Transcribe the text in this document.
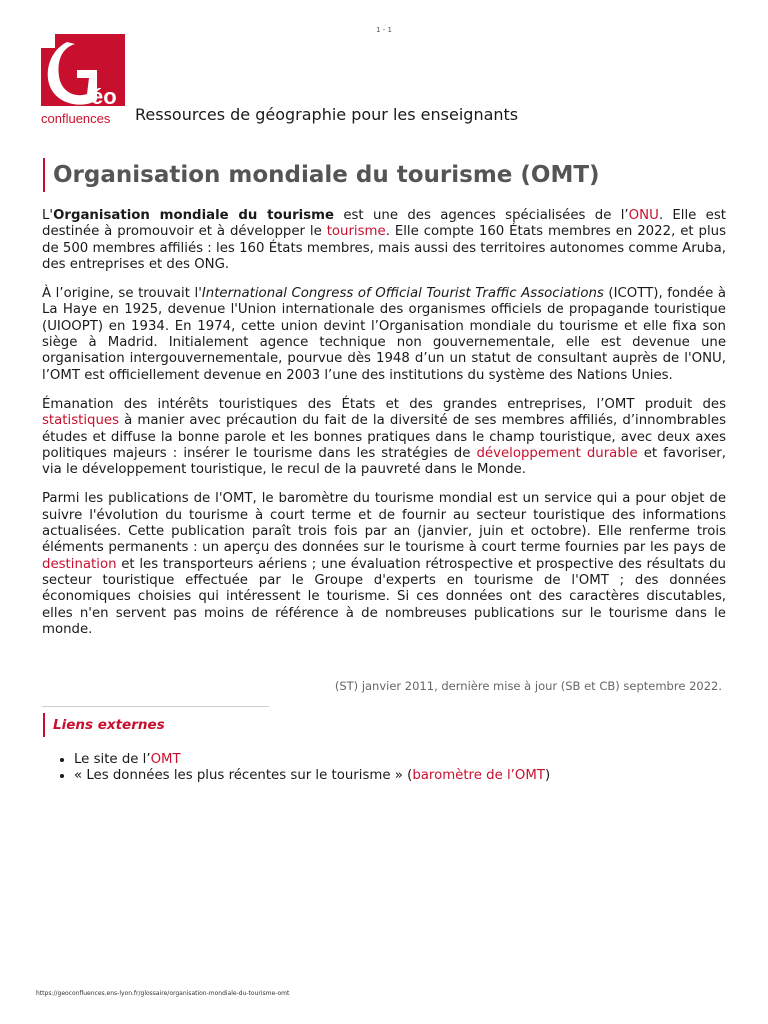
1 - 1
éo
confluences Ressources de géographie pour les enseignants
Organisation mondiale du tourisme (OMT)

L'Organisation mondiale du tourisme est une des agences spécialisées de l’ONU. Elle est destinée à promouvoir et à développer le tourisme. Elle compte 160 États membres en 2022, et plus de 500 membres affiliés : les 160 États membres, mais aussi des territoires autonomes comme Aruba, des entreprises et des ONG.

À l’origine, se trouvait l'International Congress of Official Tourist Traffic Associations (ICOTT), fondée à La Haye en 1925, devenue l'Union internationale des organismes officiels de propagande touristique (UIOOPT) en 1934. En 1974, cette union devint l’Organisation mondiale du tourisme et elle fixa son siège à Madrid. Initialement agence technique non gouvernementale, elle est devenue une organisation intergouvernementale, pourvue dès 1948 d’un un statut de consultant auprès de l'ONU, l’OMT est officiellement devenue en 2003 l’une des institutions du système des Nations Unies.

Émanation des intérêts touristiques des États et des grandes entreprises, l’OMT produit des statistiques à manier avec précaution du fait de la diversité de ses membres affiliés, d’innombrables études et diffuse la bonne parole et les bonnes pratiques dans le champ touristique, avec deux axes politiques majeurs : insérer le tourisme dans les stratégies de développement durable et favoriser, via le développement touristique, le recul de la pauvreté dans le Monde.

Parmi les publications de l'OMT, le baromètre du tourisme mondial est un service qui a pour objet de suivre l'évolution du tourisme à court terme et de fournir au secteur touristique des informations actualisées. Cette publication paraît trois fois par an (janvier, juin et octobre). Elle renferme trois éléments permanents : un aperçu des données sur le tourisme à court terme fournies par les pays de destination et les transporteurs aériens ; une évaluation rétrospective et prospective des résultats du secteur touristique effectuée par le Groupe d'experts en tourisme de l'OMT ; des données économiques choisies qui intéressent le tourisme. Si ces données ont des caractères discutables, elles n'en servent pas moins de référence à de nombreuses publications sur le tourisme dans le monde.

(ST) janvier 2011, dernière mise à jour (SB et CB) septembre 2022.
Liens externes
• Le site de l’OMT
• « Les données les plus récentes sur le tourisme » (baromètre de l’OMT)
https://geoconfluences.ens-lyon.fr/glossaire/organisation-mondiale-du-tourisme-omt
